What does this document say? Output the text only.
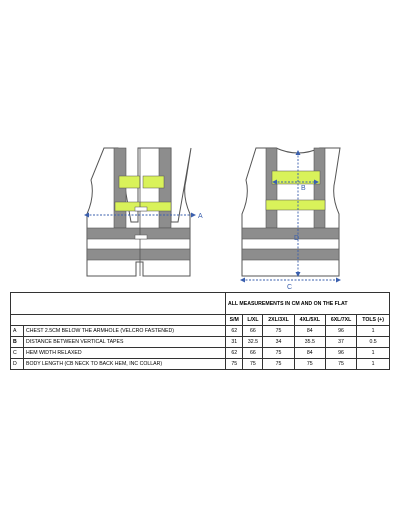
A
B
D
C
		ALL MEASUREMENTS IN CM AND ON THE FLAT					
		S/M	L/XL	2XL/3XL	4XL/5XL	6XL/7XL	TOLS (+)
A	CHEST 2.5CM BELOW THE ARMHOLE (VELCRO FASTENED)	62	66	75	84	96	1
B	DISTANCE BETWEEN VERTICAL TAPES	31	32.5	34	35.5	37	0.5
C	HEM WIDTH RELAXED	62	66	75	84	96	1
D	BODY LENGTH (CB NECK TO BACK HEM, INC COLLAR)	75	75	75	75	75	1
